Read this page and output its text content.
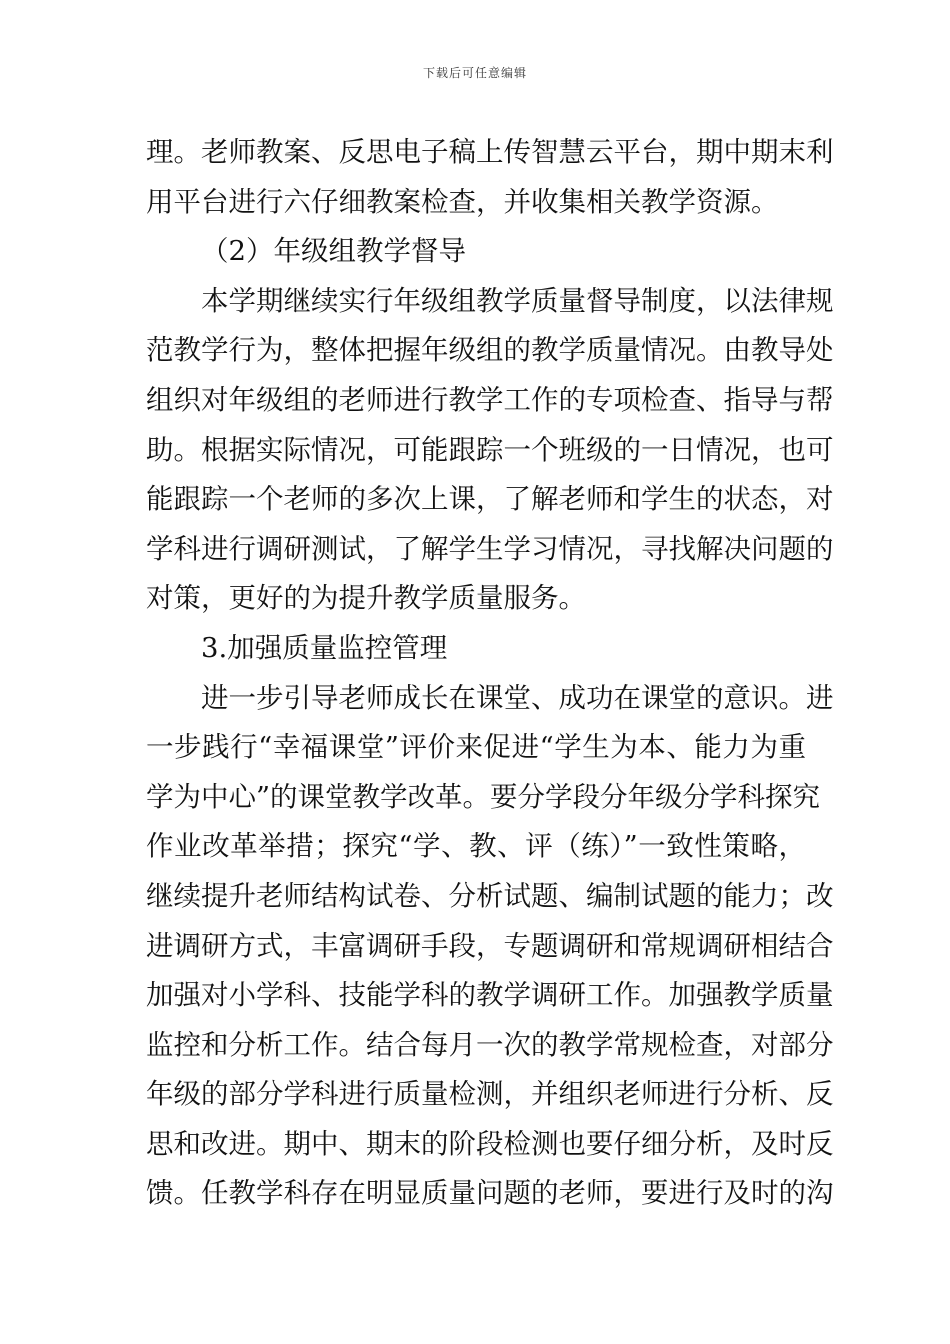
下载后可任意编辑
理。老师教案、反思电子稿上传智慧云平台，期中期末利
用平台进行六仔细教案检查，并收集相关教学资源。
（2）年级组教学督导
本学期继续实行年级组教学质量督导制度，以法律规
范教学行为，整体把握年级组的教学质量情况。由教导处
组织对年级组的老师进行教学工作的专项检查、指导与帮
助。根据实际情况，可能跟踪一个班级的一日情况，也可
能跟踪一个老师的多次上课，了解老师和学生的状态，对
学科进行调研测试，了解学生学习情况，寻找解决问题的
对策，更好的为提升教学质量服务。
3.加强质量监控管理
进一步引导老师成长在课堂、成功在课堂的意识。进
一步践行“幸福课堂”评价来促进“学生为本、能力为重
学为中心”的课堂教学改革。要分学段分年级分学科探究
作业改革举措；探究“学、教、评（练）”一致性策略，
继续提升老师结构试卷、分析试题、编制试题的能力；改
进调研方式，丰富调研手段，专题调研和常规调研相结合
加强对小学科、技能学科的教学调研工作。加强教学质量
监控和分析工作。结合每月一次的教学常规检查，对部分
年级的部分学科进行质量检测，并组织老师进行分析、反
思和改进。期中、期末的阶段检测也要仔细分析，及时反
馈。任教学科存在明显质量问题的老师，要进行及时的沟
